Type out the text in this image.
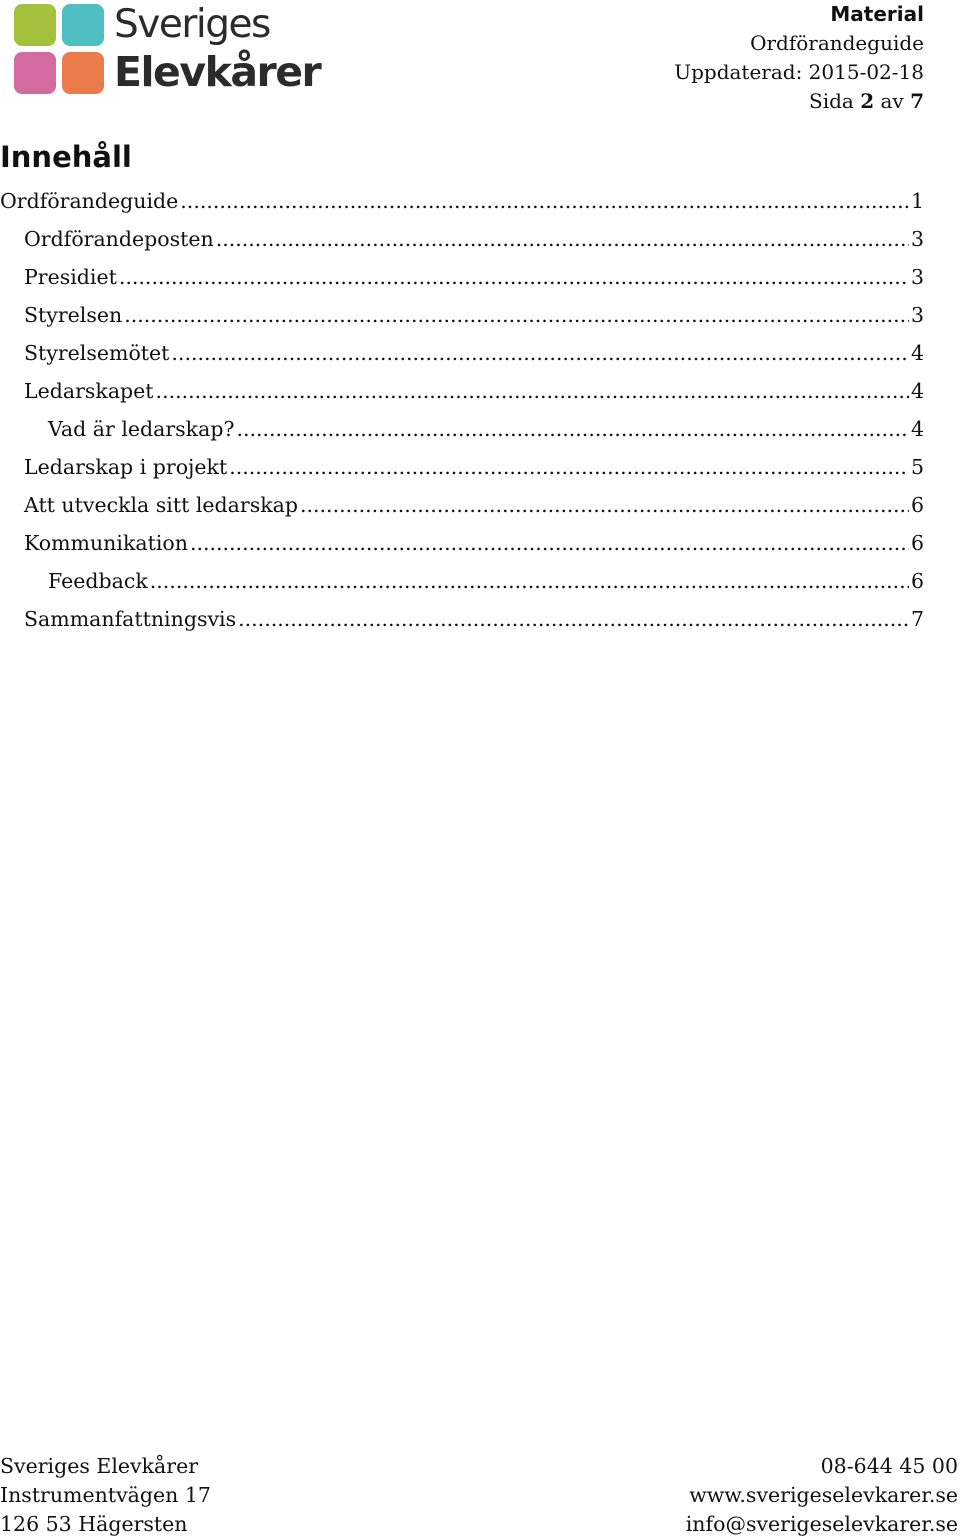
Sveriges
Elevkårer
Material
Ordförandeguide
Uppdaterad: 2015-02-18
Sida 2 av 7
Innehåll
Ordförandeguide .....	1
Ordförandeposten .....	3
Presidiet .....	3
Styrelsen .....	3
Styrelsemötet .....	4
Ledarskapet .....	4
Vad är ledarskap? .....	4
Ledarskap i projekt .....	5
Att utveckla sitt ledarskap .....	6
Kommunikation .....	6
Feedback .....	6
Sammanfattningsvis .....	7
Sveriges Elevkårer
Instrumentvägen 17
126 53 Hägersten
08-644 45 00
www.sverigeselevkarer.se
info@sverigeselevkarer.se
